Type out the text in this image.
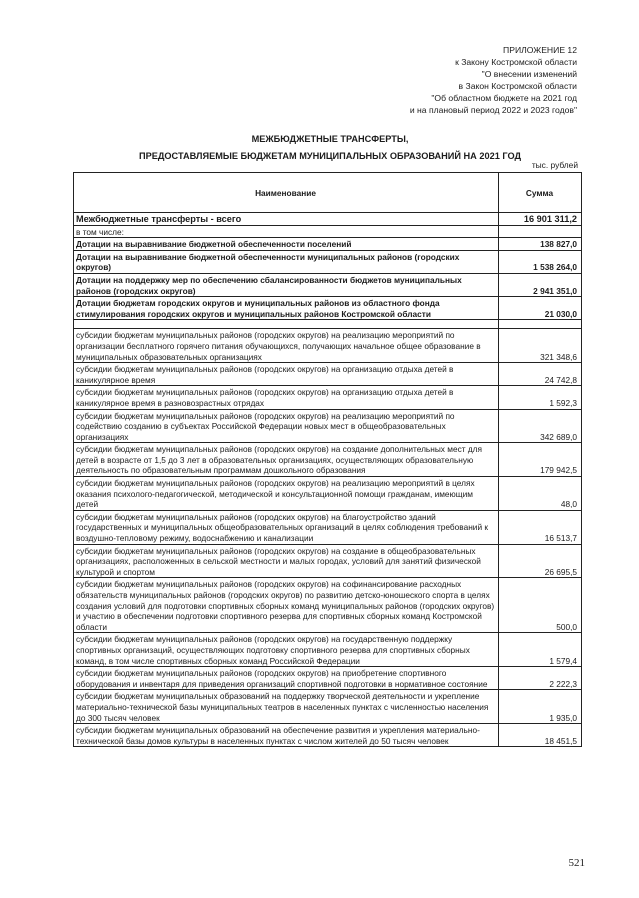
ПРИЛОЖЕНИЕ 12
к Закону Костромской области
"О внесении изменений
в Закон Костромской области
"Об областном бюджете на 2021 год
и на плановый период 2022 и 2023 годов"
МЕЖБЮДЖЕТНЫЕ ТРАНСФЕРТЫ,
ПРЕДОСТАВЛЯЕМЫЕ БЮДЖЕТАМ МУНИЦИПАЛЬНЫХ ОБРАЗОВАНИЙ НА 2021 ГОД
тыс. рублей
Наименование	Сумма
Межбюджетные трансферты - всего	16 901 311,2
в том числе:	
Дотации на выравнивание бюджетной обеспеченности поселений	138 827,0
Дотации на выравнивание бюджетной обеспеченности муниципальных районов (городских округов)	1 538 264,0
Дотации на поддержку мер по обеспечению сбалансированности бюджетов муниципальных районов (городских округов)	2 941 351,0
Дотации бюджетам городских округов и муниципальных районов из областного фонда стимулирования городских округов и муниципальных районов Костромской области	21 030,0

субсидии бюджетам муниципальных районов (городских округов) на реализацию мероприятий по организации бесплатного горячего питания обучающихся, получающих начальное общее образование в муниципальных образовательных организациях	321 348,6
субсидии бюджетам муниципальных районов (городских округов) на организацию отдыха детей в каникулярное время	24 742,8
субсидии бюджетам муниципальных районов (городских округов) на организацию отдыха детей в каникулярное время в разновозрастных отрядах	1 592,3
субсидии бюджетам муниципальных районов (городских округов) на реализацию мероприятий по содействию созданию в субъектах Российской Федерации новых мест в общеобразовательных организациях	342 689,0
субсидии бюджетам муниципальных районов (городских округов) на создание дополнительных мест для детей в возрасте от 1,5 до 3 лет в образовательных организациях, осуществляющих образовательную деятельность по образовательным программам дошкольного образования	179 942,5
субсидии бюджетам муниципальных районов (городских округов) на реализацию мероприятий в целях оказания психолого-педагогической, методической и консультационной помощи гражданам, имеющим детей	48,0
субсидии бюджетам муниципальных районов (городских округов) на благоустройство зданий государственных и муниципальных общеобразовательных организаций в целях соблюдения требований к воздушно-тепловому режиму, водоснабжению и канализации	16 513,7
субсидии бюджетам муниципальных районов (городских округов) на создание в общеобразовательных организациях, расположенных в сельской местности и малых городах, условий для занятий физической культурой и спортом	26 695,5
субсидии бюджетам муниципальных районов (городских округов) на софинансирование расходных обязательств муниципальных районов (городских округов) по развитию детско-юношеского спорта в целях создания условий для подготовки спортивных сборных команд муниципальных районов (городских округов) и участию в обеспечении подготовки спортивного резерва для спортивных сборных команд Костромской области	500,0
субсидии бюджетам муниципальных районов (городских округов) на государственную поддержку спортивных организаций, осуществляющих подготовку спортивного резерва для спортивных сборных команд, в том числе спортивных сборных команд Российской Федерации	1 579,4
субсидии бюджетам муниципальных районов (городских округов) на приобретение спортивного оборудования и инвентаря для приведения организаций спортивной подготовки в нормативное состояние	2 222,3
субсидии бюджетам муниципальных образований на поддержку творческой деятельности и укрепление материально-технической базы муниципальных театров в населенных пунктах с численностью населения до 300 тысяч человек	1 935,0
субсидии бюджетам муниципальных образований на обеспечение развития и укрепления материально-технической базы домов культуры в населенных пунктах с числом жителей до 50 тысяч человек	18 451,5
521
